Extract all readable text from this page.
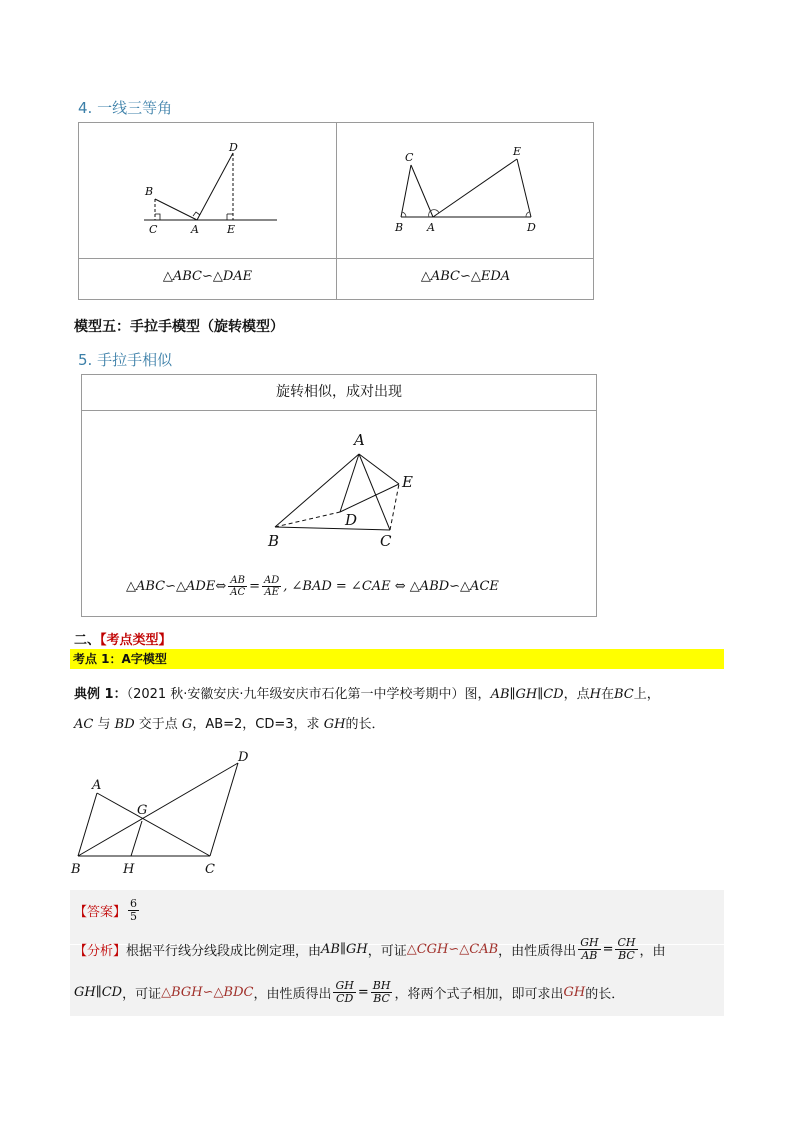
4. 一线三等角
D
B
C	A	E
C	E
B A	D
△ABC∽△DAE	△ABC∽△EDA
模型五：手拉手模型（旋转模型）
5. 手拉手相似
旋转相似，成对出现
A
E
D
B	C
△ABC∽△ADE⇔ $\frac{AB}{AC} = \frac{AD}{AE}$ , ∠BAD = ∠CAE ⇔ △ABD∽△ACE
二、【考点类型】
考点 1：A字模型
典例 1：（2021 秋·安徽安庆·九年级安庆市石化第一中学校考期中）图，AB∥GH∥CD，点H在BC上，
AC 与 BD 交于点 G，AB=2，CD=3，求 GH的长．
D
A
G
B	H	C
【答案】 $\frac{6}{5}$
【分析】 根据平行线分线段成比例定理，由 AB∥GH ，可证 △CGH∽△CAB ，由性质得出 $\frac{GH}{AB} = \frac{CH}{BC}$ ，由
GH∥CD ，可证 △BGH∽△BDC ，由性质得出 $\frac{GH}{CD} = \frac{BH}{BC}$ ，将两个式子相加，即可求出 GH 的长．
